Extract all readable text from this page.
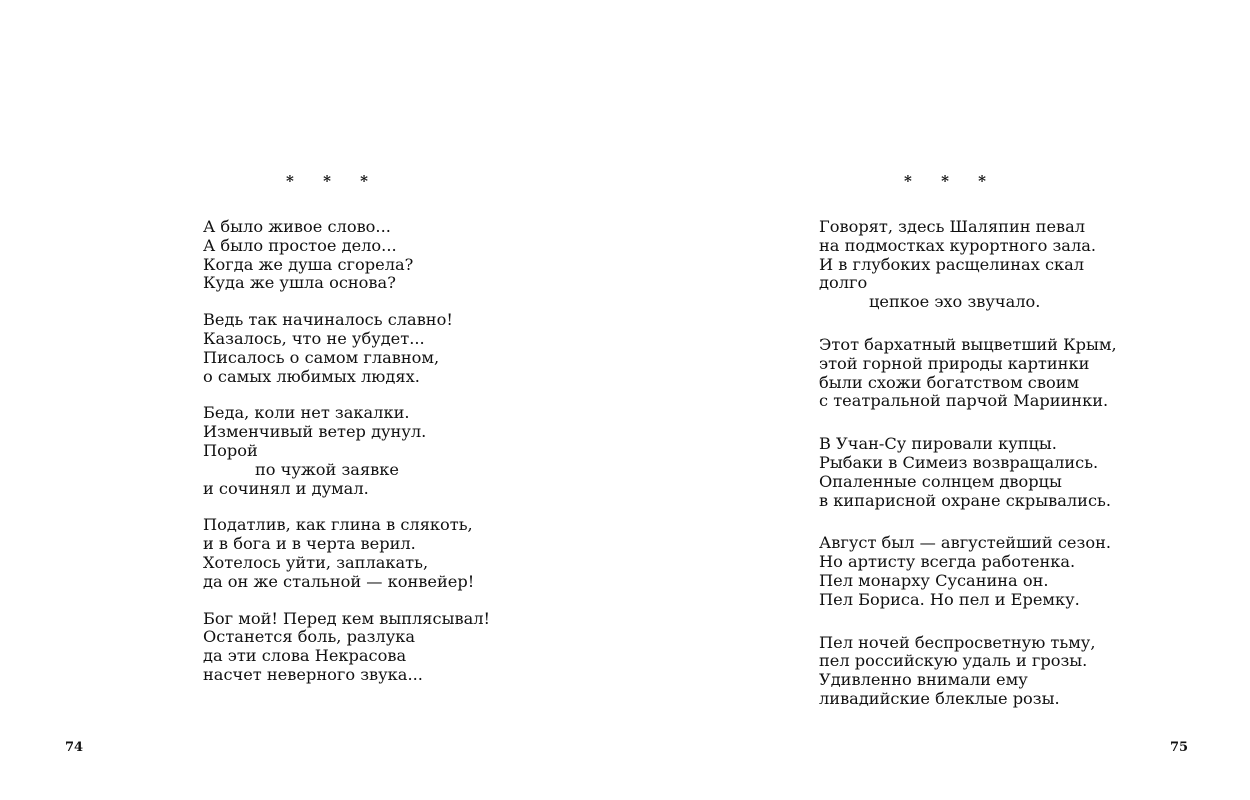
* * *

А было живое слово...
А было простое дело...
Когда же душа сгорела?
Куда же ушла основа?

Ведь так начиналось славно!
Казалось, что не убудет...
Писалось о самом главном,
о самых любимых людях.

Беда, коли нет закалки.
Изменчивый ветер дунул.
Порой
по чужой заявке
и сочинял и думал.

Податлив, как глина в слякоть,
и в бога и в черта верил.
Хотелось уйти, заплакать,
да он же стальной — конвейер!

Бог мой! Перед кем выплясывал!
Останется боль, разлука
да эти слова Некрасова
насчет неверного звука...

74
* * *

Говорят, здесь Шаляпин певал
на подмостках курортного зала.
И в глубоких расщелинах скал
долго
цепкое эхо звучало.

Этот бархатный выцветший Крым,
этой горной природы картинки
были схожи богатством своим
с театральной парчой Мариинки.

В Учан-Су пировали купцы.
Рыбаки в Симеиз возвращались.
Опаленные солнцем дворцы
в кипарисной охране скрывались.

Август был — августейший сезон.
Но артисту всегда работенка.
Пел монарху Сусанина он.
Пел Бориса. Но пел и Еремку.

Пел ночей беспросветную тьму,
пел российскую удаль и грозы.
Удивленно внимали ему
ливадийские блеклые розы.

75
